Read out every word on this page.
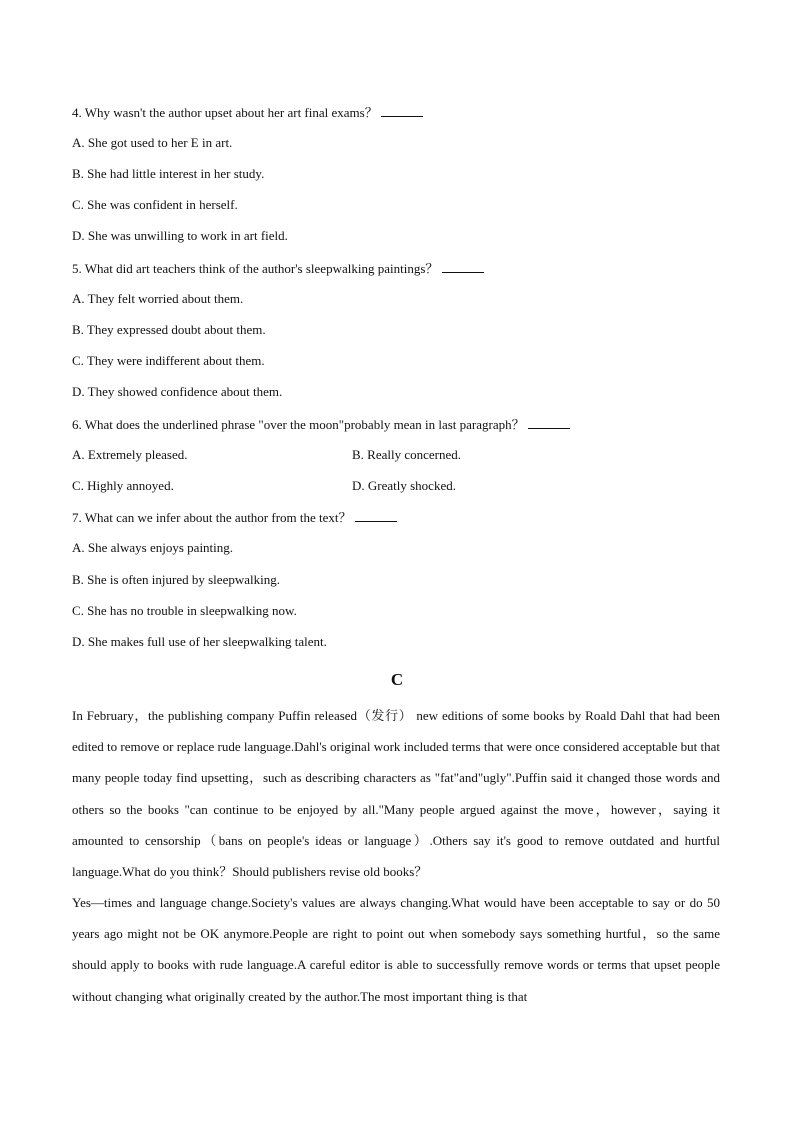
4. Why wasn't the author upset about her art final exams？
A. She got used to her E in art.
B. She had little interest in her study.
C. She was confident in herself.
D. She was unwilling to work in art field.
5. What did art teachers think of the author's sleepwalking paintings？
A. They felt worried about them.
B. They expressed doubt about them.
C. They were indifferent about them.
D. They showed confidence about them.
6. What does the underlined phrase "over the moon"probably mean in last paragraph？
A. Extremely pleased.	B. Really concerned.
C. Highly annoyed.	D. Greatly shocked.
7. What can we infer about the author from the text？
A. She always enjoys painting.
B. She is often injured by sleepwalking.
C. She has no trouble in sleepwalking now.
D. She makes full use of her sleepwalking talent.
C
In February，the publishing company Puffin released（发行） new editions of some books by Roald Dahl that had been edited to remove or replace rude language.Dahl's original work included terms that were once considered acceptable but that many people today find upsetting，such as describing characters as "fat"and"ugly".Puffin said it changed those words and others so the books "can continue to be enjoyed by all."Many people argued against the move，however，saying it amounted to censorship（bans on people's ideas or language）.Others say it's good to remove outdated and hurtful language.What do you think？Should publishers revise old books？
Yes—times and language change.Society's values are always changing.What would have been acceptable to say or do 50 years ago might not be OK anymore.People are right to point out when somebody says something hurtful，so the same should apply to books with rude language.A careful editor is able to successfully remove words or terms that upset people without changing what originally created by the author.The most important thing is that
